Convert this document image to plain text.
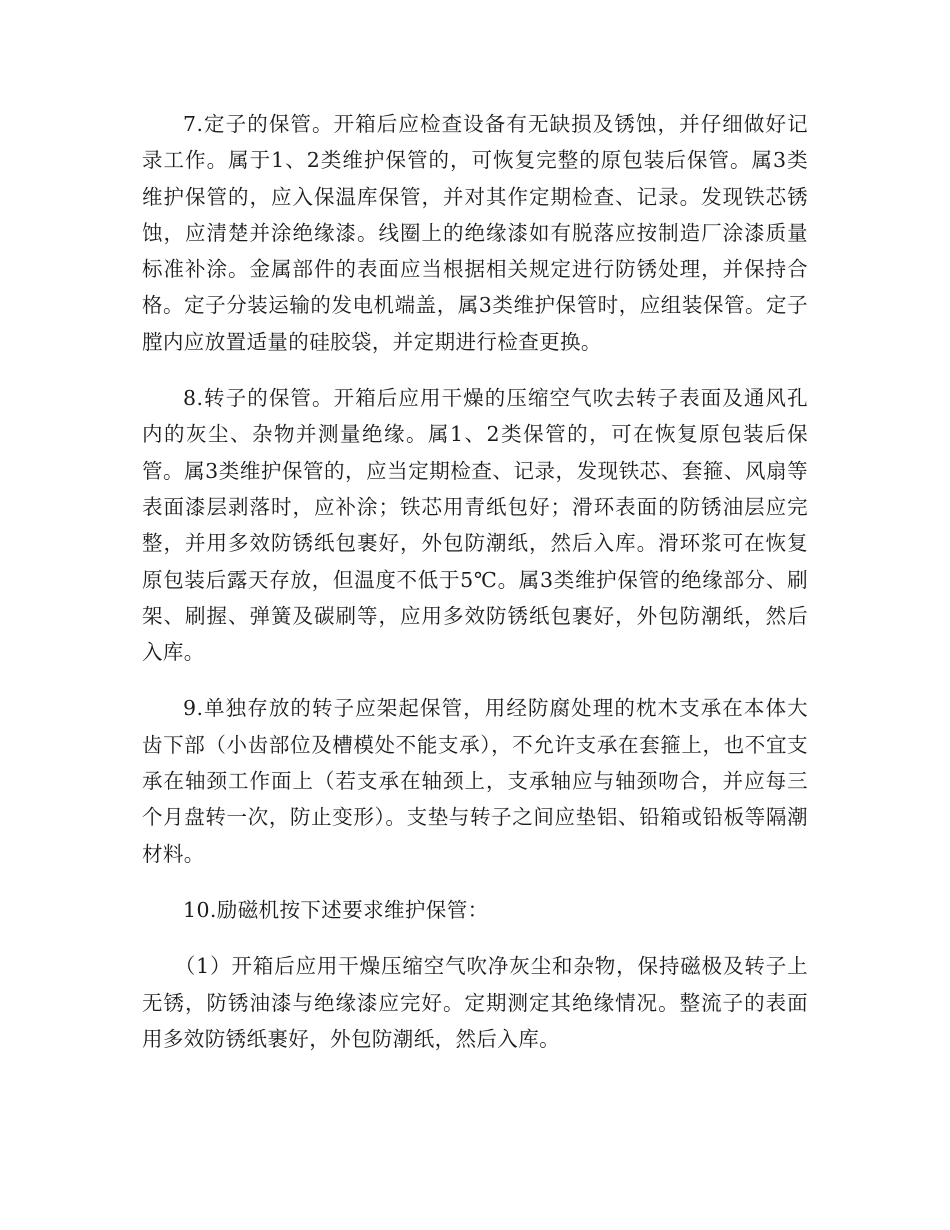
7.定子的保管。开箱后应检查设备有无缺损及锈蚀，并仔细做好记录工作。属于1、2类维护保管的，可恢复完整的原包装后保管。属3类维护保管的，应入保温库保管，并对其作定期检查、记录。发现铁芯锈蚀，应清楚并涂绝缘漆。线圈上的绝缘漆如有脱落应按制造厂涂漆质量标准补涂。金属部件的表面应当根据相关规定进行防锈处理，并保持合格。定子分装运输的发电机端盖，属3类维护保管时，应组装保管。定子膛内应放置适量的硅胶袋，并定期进行检查更换。

8.转子的保管。开箱后应用干燥的压缩空气吹去转子表面及通风孔内的灰尘、杂物并测量绝缘。属1、2类保管的，可在恢复原包装后保管。属3类维护保管的，应当定期检查、记录，发现铁芯、套箍、风扇等表面漆层剥落时，应补涂；铁芯用青纸包好；滑环表面的防锈油层应完整，并用多效防锈纸包裹好，外包防潮纸，然后入库。滑环浆可在恢复原包装后露天存放，但温度不低于5℃。属3类维护保管的绝缘部分、刷架、刷握、弹簧及碳刷等，应用多效防锈纸包裹好，外包防潮纸，然后入库。

9.单独存放的转子应架起保管，用经防腐处理的枕木支承在本体大齿下部（小齿部位及槽模处不能支承），不允许支承在套箍上，也不宜支承在轴颈工作面上（若支承在轴颈上，支承轴应与轴颈吻合，并应每三个月盘转一次，防止变形）。支垫与转子之间应垫铝、铅箱或铅板等隔潮材料。

10.励磁机按下述要求维护保管：

（1）开箱后应用干燥压缩空气吹净灰尘和杂物，保持磁极及转子上无锈，防锈油漆与绝缘漆应完好。定期测定其绝缘情况。整流子的表面用多效防锈纸裹好，外包防潮纸，然后入库。
